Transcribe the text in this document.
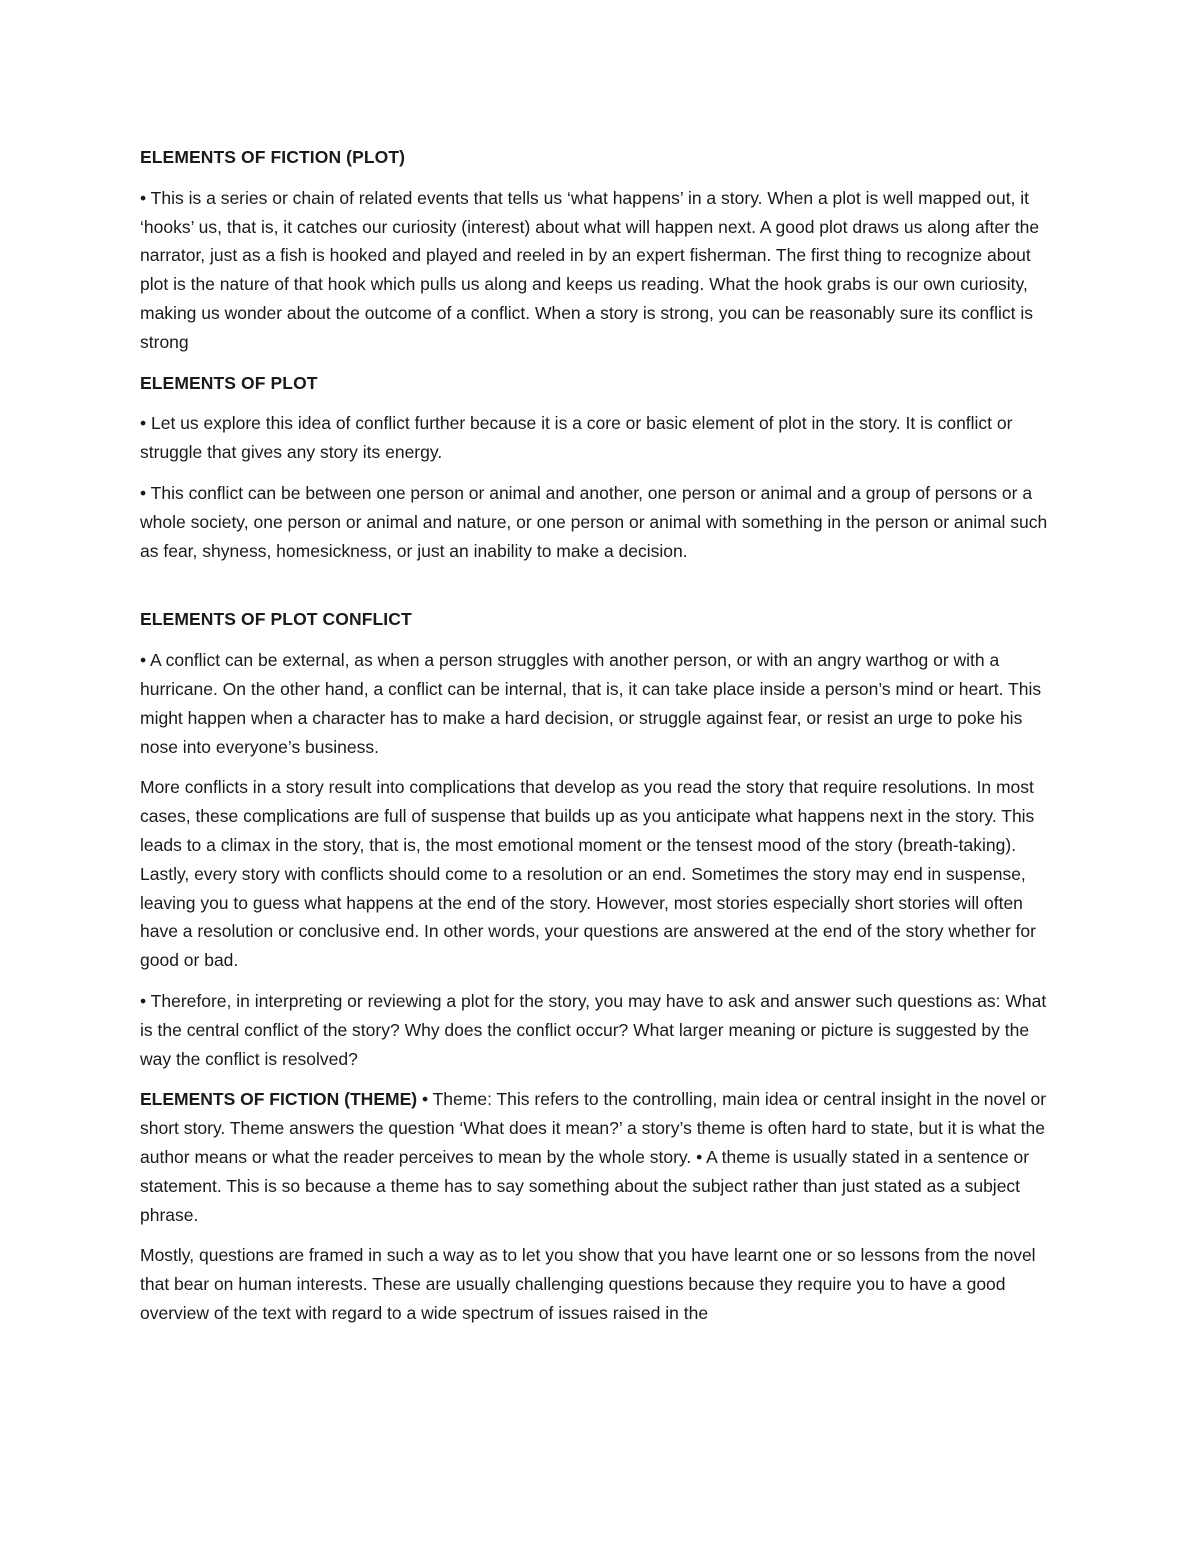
ELEMENTS OF FICTION (PLOT)
• This is a series or chain of related events that tells us ‘what happens’ in a story. When a plot is well mapped out, it ‘hooks’ us, that is, it catches our curiosity (interest) about what will happen next. A good plot draws us along after the narrator, just as a fish is hooked and played and reeled in by an expert fisherman. The first thing to recognize about plot is the nature of that hook which pulls us along and keeps us reading. What the hook grabs is our own curiosity, making us wonder about the outcome of a conflict. When a story is strong, you can be reasonably sure its conflict is strong
ELEMENTS OF PLOT
• Let us explore this idea of conflict further because it is a core or basic element of plot in the story. It is conflict or struggle that gives any story its energy.
• This conflict can be between one person or animal and another, one person or animal and a group of persons or a whole society, one person or animal and nature, or one person or animal with something in the person or animal such as fear, shyness, homesickness, or just an inability to make a decision.
ELEMENTS OF PLOT CONFLICT
• A conflict can be external, as when a person struggles with another person, or with an angry warthog or with a hurricane. On the other hand, a conflict can be internal, that is, it can take place inside a person’s mind or heart. This might happen when a character has to make a hard decision, or struggle against fear, or resist an urge to poke his nose into everyone’s business.
More conflicts in a story result into complications that develop as you read the story that require resolutions. In most cases, these complications are full of suspense that builds up as you anticipate what happens next in the story. This leads to a climax in the story, that is, the most emotional moment or the tensest mood of the story (breath-taking). Lastly, every story with conflicts should come to a resolution or an end. Sometimes the story may end in suspense, leaving you to guess what happens at the end of the story. However, most stories especially short stories will often have a resolution or conclusive end. In other words, your questions are answered at the end of the story whether for good or bad.
• Therefore, in interpreting or reviewing a plot for the story, you may have to ask and answer such questions as: What is the central conflict of the story? Why does the conflict occur? What larger meaning or picture is suggested by the way the conflict is resolved?
ELEMENTS OF FICTION (THEME) • Theme: This refers to the controlling, main idea or central insight in the novel or short story. Theme answers the question ‘What does it mean?’ a story’s theme is often hard to state, but it is what the author means or what the reader perceives to mean by the whole story. • A theme is usually stated in a sentence or statement. This is so because a theme has to say something about the subject rather than just stated as a subject phrase.
Mostly, questions are framed in such a way as to let you show that you have learnt one or so lessons from the novel that bear on human interests. These are usually challenging questions because they require you to have a good overview of the text with regard to a wide spectrum of issues raised in the
